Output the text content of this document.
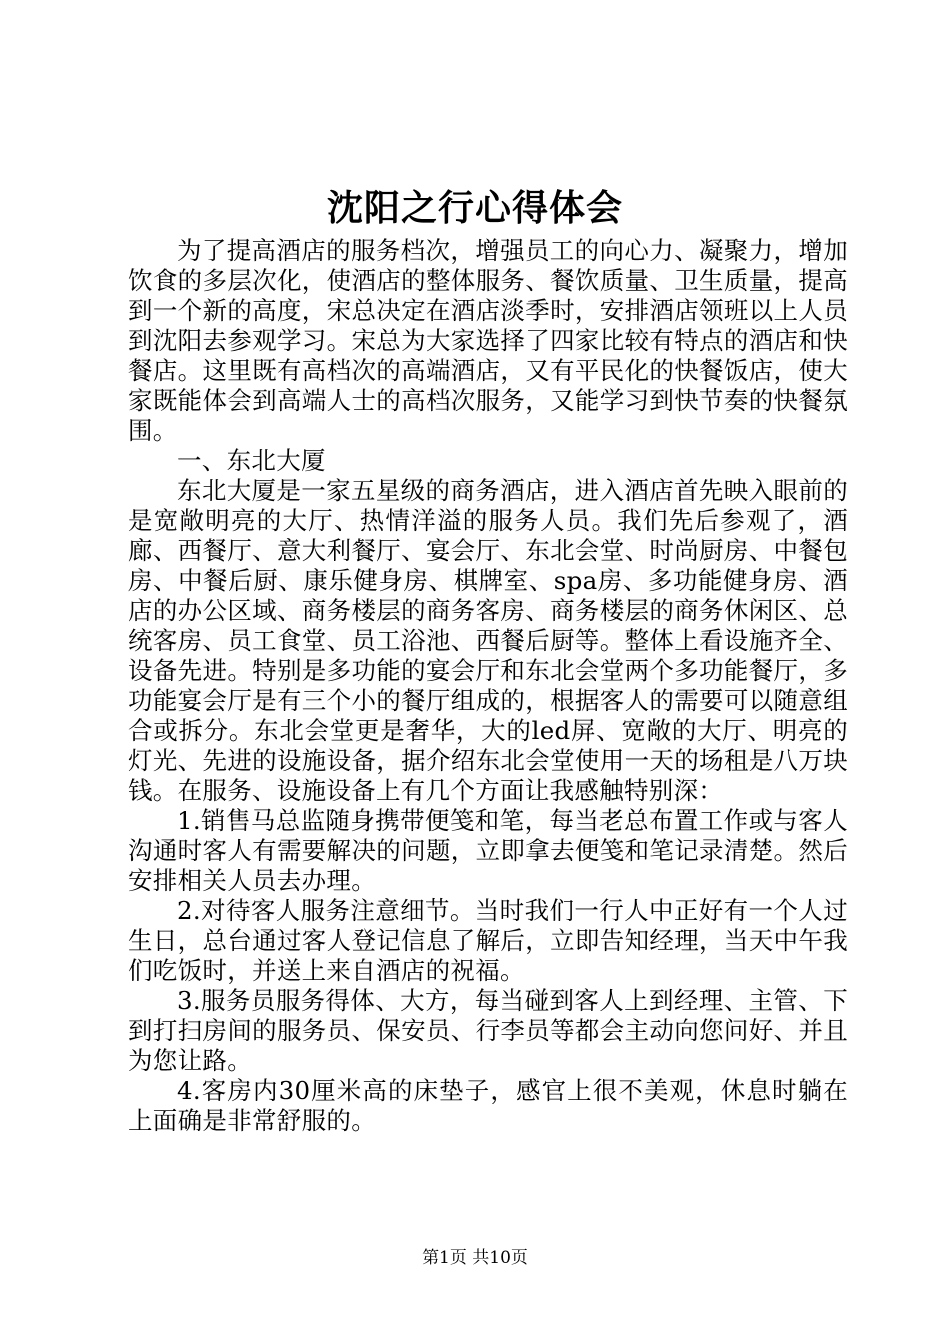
沈阳之行心得体会

为了提高酒店的服务档次，增强员工的向心力、凝聚力，增加饮食的多层次化，使酒店的整体服务、餐饮质量、卫生质量，提高到一个新的高度，宋总决定在酒店淡季时，安排酒店领班以上人员到沈阳去参观学习。宋总为大家选择了四家比较有特点的酒店和快餐店。这里既有高档次的高端酒店，又有平民化的快餐饭店，使大家既能体会到高端人士的高档次服务，又能学习到快节奏的快餐氛围。

一、东北大厦

东北大厦是一家五星级的商务酒店，进入酒店首先映入眼前的是宽敞明亮的大厅、热情洋溢的服务人员。我们先后参观了，酒廊、西餐厅、意大利餐厅、宴会厅、东北会堂、时尚厨房、中餐包房、中餐后厨、康乐健身房、棋牌室、spa房、多功能健身房、酒店的办公区域、商务楼层的商务客房、商务楼层的商务休闲区、总统客房、员工食堂、员工浴池、西餐后厨等。整体上看设施齐全、设备先进。特别是多功能的宴会厅和东北会堂两个多功能餐厅，多功能宴会厅是有三个小的餐厅组成的，根据客人的需要可以随意组合或拆分。东北会堂更是奢华，大的led屏、宽敞的大厅、明亮的灯光、先进的设施设备，据介绍东北会堂使用一天的场租是八万块钱。在服务、设施设备上有几个方面让我感触特别深：

1.销售马总监随身携带便笺和笔，每当老总布置工作或与客人沟通时客人有需要解决的问题，立即拿去便笺和笔记录清楚。然后安排相关人员去办理。

2.对待客人服务注意细节。当时我们一行人中正好有一个人过生日，总台通过客人登记信息了解后，立即告知经理，当天中午我们吃饭时，并送上来自酒店的祝福。

3.服务员服务得体、大方，每当碰到客人上到经理、主管、下到打扫房间的服务员、保安员、行李员等都会主动向您问好、并且为您让路。

4.客房内30厘米高的床垫子，感官上很不美观，休息时躺在上面确是非常舒服的。

第1页 共10页
